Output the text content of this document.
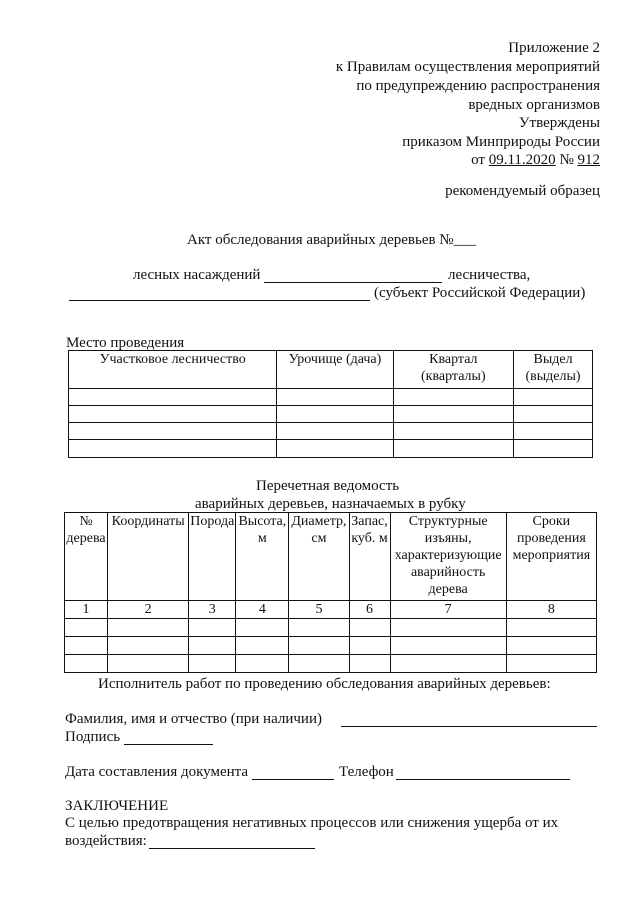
Приложение 2
к Правилам осуществления мероприятий
по предупреждению распространения
вредных организмов
Утверждены
приказом Минприроды России
от 09.11.2020 № 912
рекомендуемый образец
Акт обследования аварийных деревьев №___
лесных насаждений	лесничества,
(субъект Российской Федерации)
Место проведения
Участковое лесничество	Урочище (дача)	Квартал (кварталы)	Выдел (выделы)

Перечетная ведомость
аварийных деревьев, назначаемых в рубку
№ дерева	Координаты	Порода	Высота, м	Диаметр, см	Запас, куб. м	Структурные изъяны, характеризующие аварийность дерева	Сроки проведения мероприятия

1	2	3	4	5	6	7	8

Исполнитель работ по проведению обследования аварийных деревьев:
Фамилия, имя и отчество (при наличии)
Подпись
Дата составления документа	Телефон
ЗАКЛЮЧЕНИЕ
С целью предотвращения негативных процессов или снижения ущерба от их
воздействия:
